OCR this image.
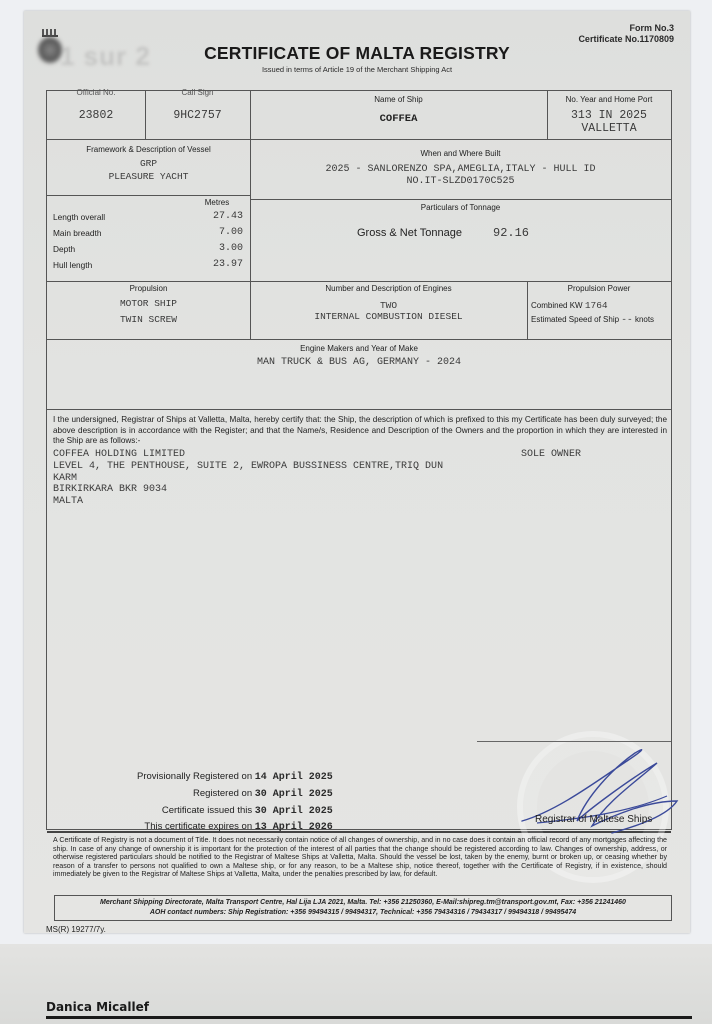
1 sur 2
Form No.3
Certificate No.1170809
CERTIFICATE OF MALTA REGISTRY
Issued in terms of Article 19 of the Merchant Shipping Act
Official No.
23802
Call Sign
9HC2757
Name of Ship
COFFEA
No. Year and Home Port
313 IN 2025
VALLETTA
Framework & Description of Vessel
GRP
PLEASURE YACHT
When and Where Built
2025 - SANLORENZO SPA,AMEGLIA,ITALY - HULL ID
NO.IT-SLZD0170C525
Metres
Length overall	27.43
Main breadth	7.00
Depth	3.00
Hull length	23.97
Particulars of Tonnage
Gross & Net Tonnage	92.16
Propulsion
MOTOR SHIP
TWIN SCREW
Number and Description of Engines
TWO
INTERNAL COMBUSTION DIESEL
Propulsion Power
Combined KW 1764
Estimated Speed of Ship -- knots
Engine Makers and Year of Make
MAN TRUCK & BUS AG, GERMANY - 2024
I the undersigned, Registrar of Ships at Valletta, Malta, hereby certify that: the Ship, the description of which is prefixed to this my Certificate has been duly surveyed; the above description is in accordance with the Register; and that the Name/s, Residence and Description of the Owners and the proportion in which they are interested in the Ship are as follows:-
COFFEA HOLDING LIMITED
LEVEL 4, THE PENTHOUSE, SUITE 2, EWROPA BUSSINESS CENTRE,TRIQ DUN
KARM
BIRKIRKARA BKR 9034
MALTA
SOLE OWNER
Registrar of Maltese Ships
Provisionally Registered on 14 April 2025
Registered on 30 April 2025
Certificate issued this 30 April 2025
This certificate expires on 13 April 2026
A Certificate of Registry is not a document of Title. It does not necessarily contain notice of all changes of ownership, and in no case does it contain an official record of any mortgages affecting the ship. In case of any change of ownership it is important for the protection of the interest of all parties that the change should be registered according to law. Changes of ownership, address, or otherwise registered particulars should be notified to the Registrar of Maltese Ships at Valletta, Malta. Should the vessel be lost, taken by the enemy, burnt or broken up, or ceasing whether by reason of a transfer to persons not qualified to own a Maltese ship, or for any reason, to be a Maltese ship, notice thereof, together with the Certificate of Registry, if in existence, should immediately be given to the Registrar of Maltese Ships at Valletta, Malta, under the penalties prescribed by law, for default.
Merchant Shipping Directorate, Malta Transport Centre, Hal Lija LJA 2021, Malta. Tel: +356 21250360, E-Mail:shipreg.tm@transport.gov.mt, Fax: +356 21241460
AOH contact numbers: Ship Registration: +356 99494315 / 99494317, Technical: +356 79434316 / 79434317 / 99494318 / 99495474
MS(R) 19277/7y.
Danica Micallef
